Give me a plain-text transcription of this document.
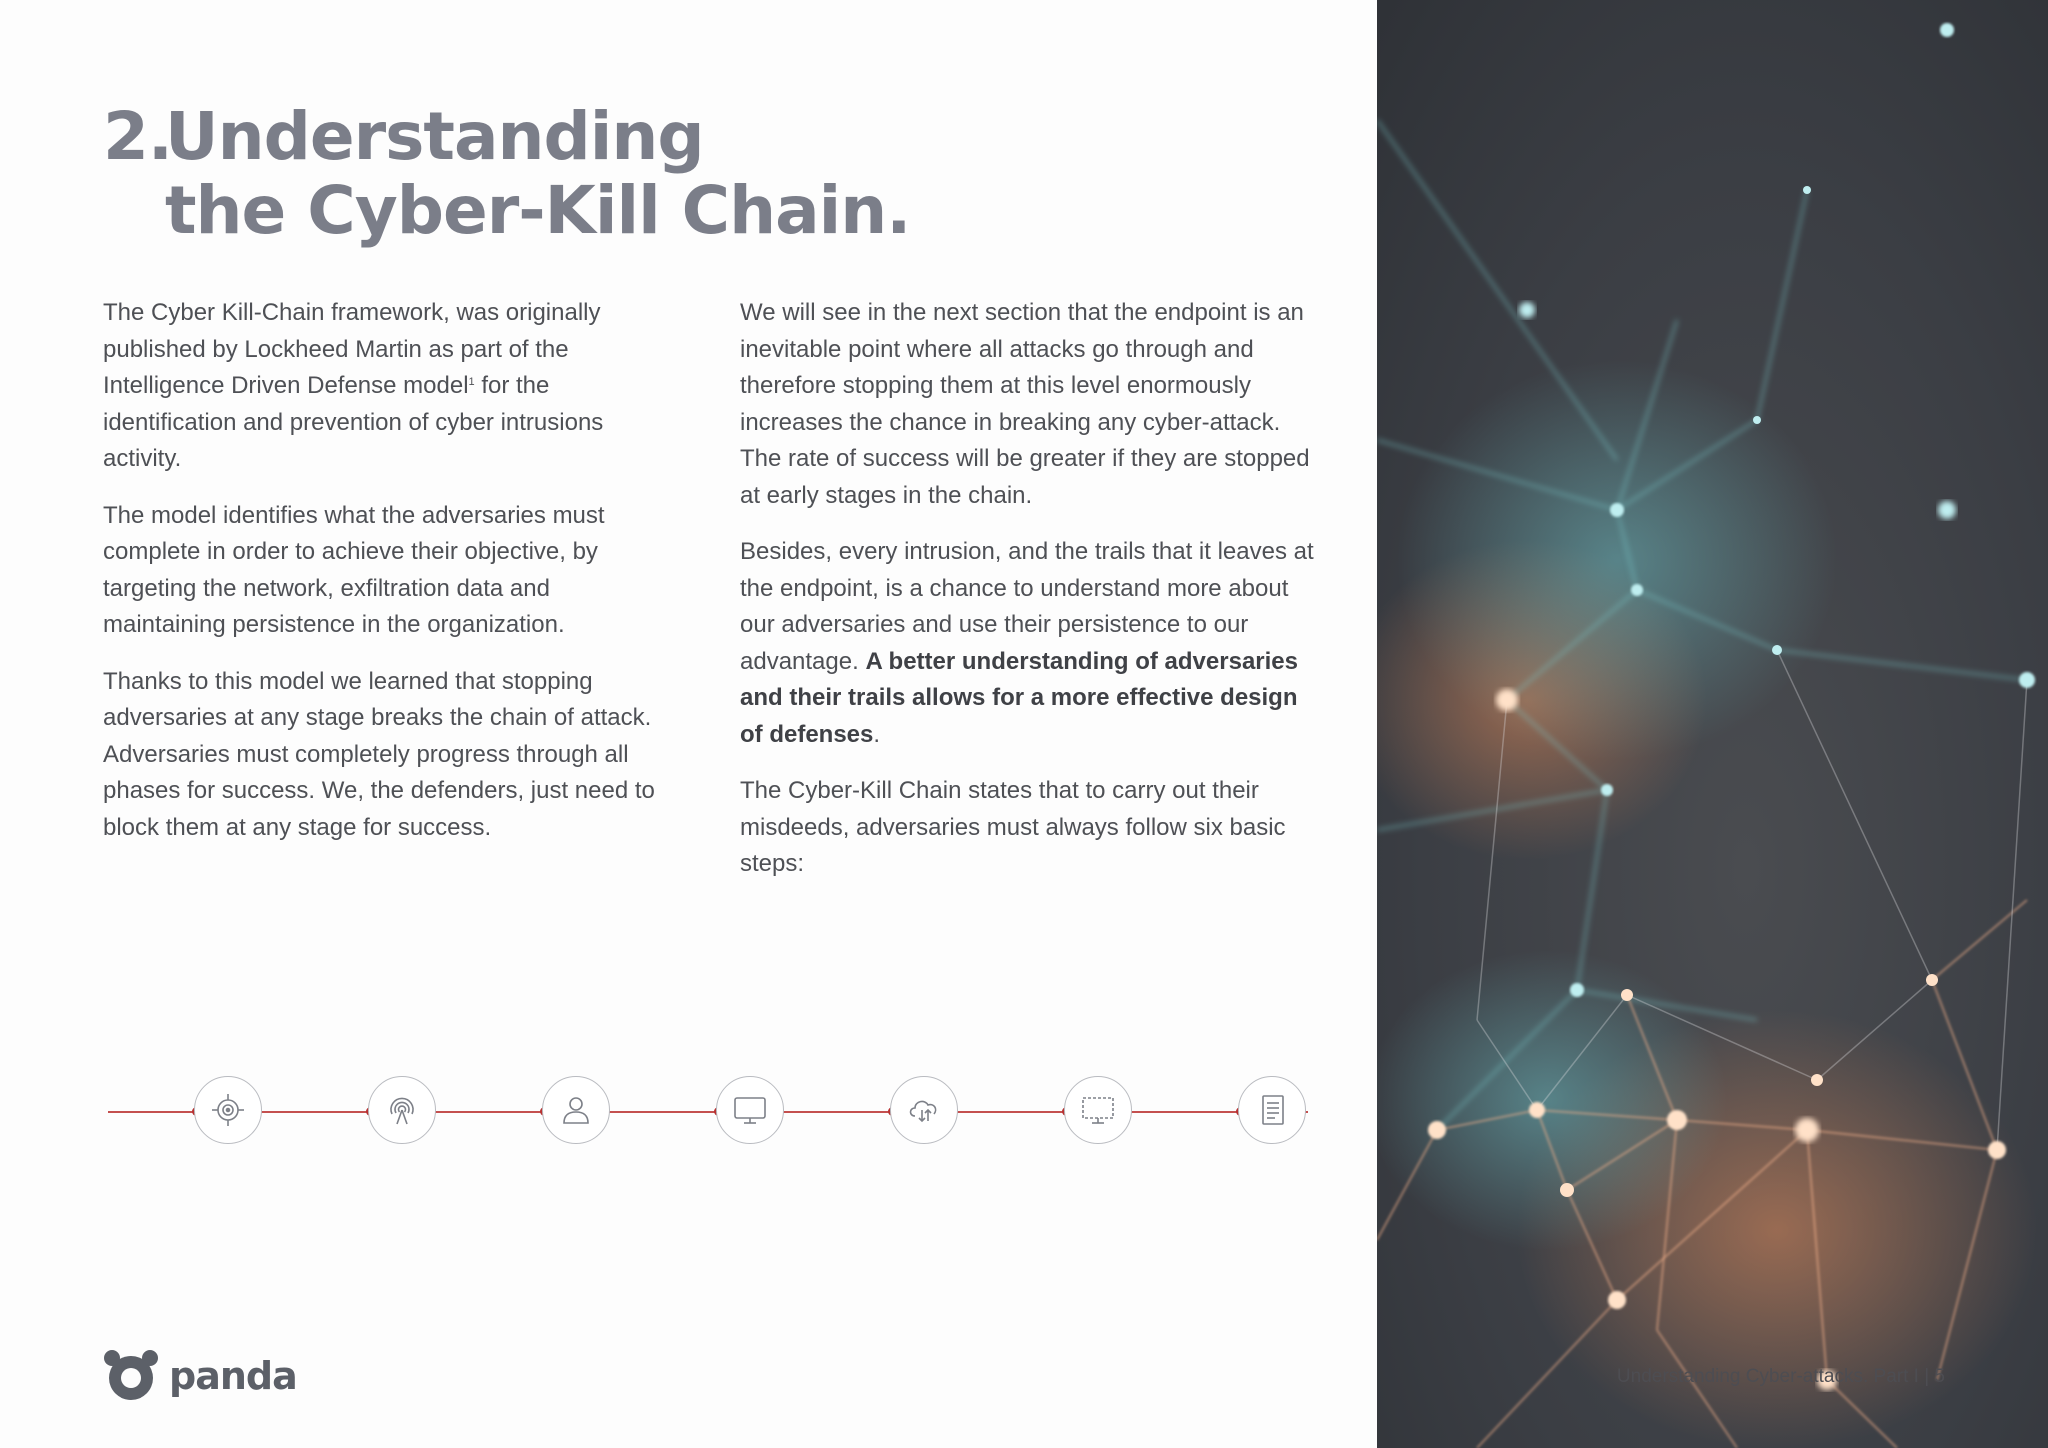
2.
Understanding
the Cyber-Kill Chain.

The Cyber Kill-Chain framework, was originally published by Lockheed Martin as part of the Intelligence Driven Defense model$^1$ for the identification and prevention of cyber intrusions activity.

The model identifies what the adversaries must complete in order to achieve their objective, by targeting the network, exfiltration data and maintaining persistence in the organization.

Thanks to this model we learned that stopping adversaries at any stage breaks the chain of attack. Adversaries must completely progress through all phases for success. We, the defenders, just need to block them at any stage for success.

We will see in the next section that the endpoint is an inevitable point where all attacks go through and therefore stopping them at this level enormously increases the chance in breaking any cyber-attack. The rate of success will be greater if they are stopped at early stages in the chain.

Besides, every intrusion, and the trails that it leaves at the endpoint, is a chance to understand more about our adversaries and use their persistence to our advantage. A better understanding of adversaries and their trails allows for a more effective design of defenses.

The Cyber-Kill Chain states that to carry out their misdeeds, adversaries must always follow six basic steps:

panda	Understanding Cyber-attacks. Part I | 5
